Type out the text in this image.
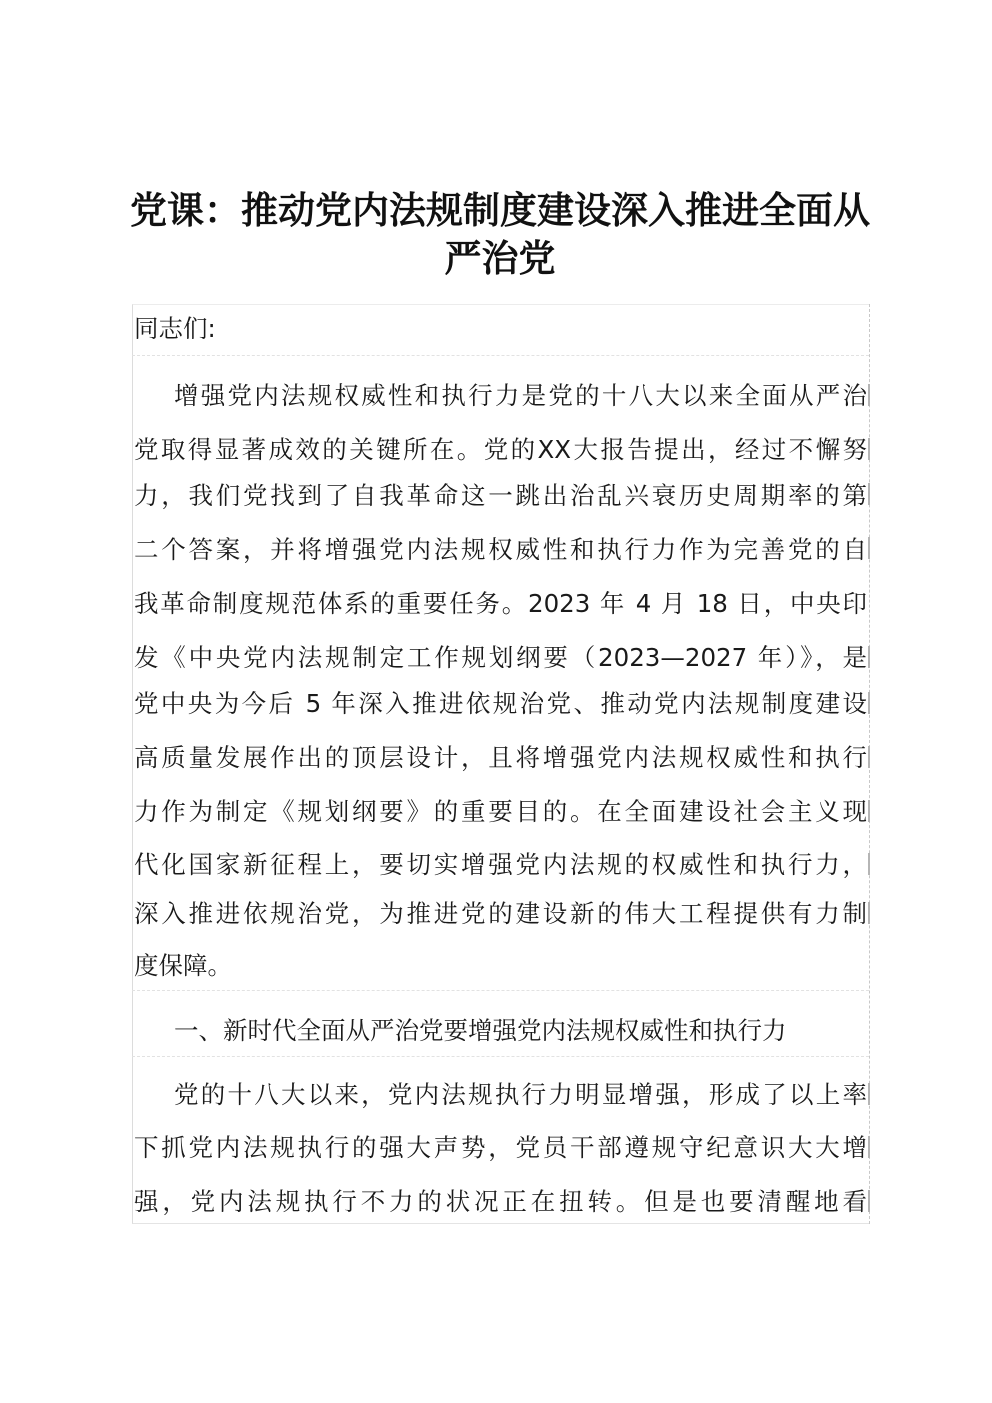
党课：推动党内法规制度建设深入推进全面从
严治党
同志们:
增强党内法规权威性和执行力是党的十八大以来全面从严治
党取得显著成效的关键所在。党的XX大报告提出，经过不懈努
力，我们党找到了自我革命这一跳出治乱兴衰历史周期率的第
二个答案，并将增强党内法规权威性和执行力作为完善党的自
我革命制度规范体系的重要任务。2023 年 4 月 18 日，中央印
发《中央党内法规制定工作规划纲要（2023—2027 年）》，是
党中央为今后 5 年深入推进依规治党、推动党内法规制度建设
高质量发展作出的顶层设计，且将增强党内法规权威性和执行
力作为制定《规划纲要》的重要目的。在全面建设社会主义现
代化国家新征程上，要切实增强党内法规的权威性和执行力，
深入推进依规治党，为推进党的建设新的伟大工程提供有力制
度保障。
一、新时代全面从严治党要增强党内法规权威性和执行力
党的十八大以来，党内法规执行力明显增强，形成了以上率
下抓党内法规执行的强大声势，党员干部遵规守纪意识大大增
强，党内法规执行不力的状况正在扭转。但是也要清醒地看
